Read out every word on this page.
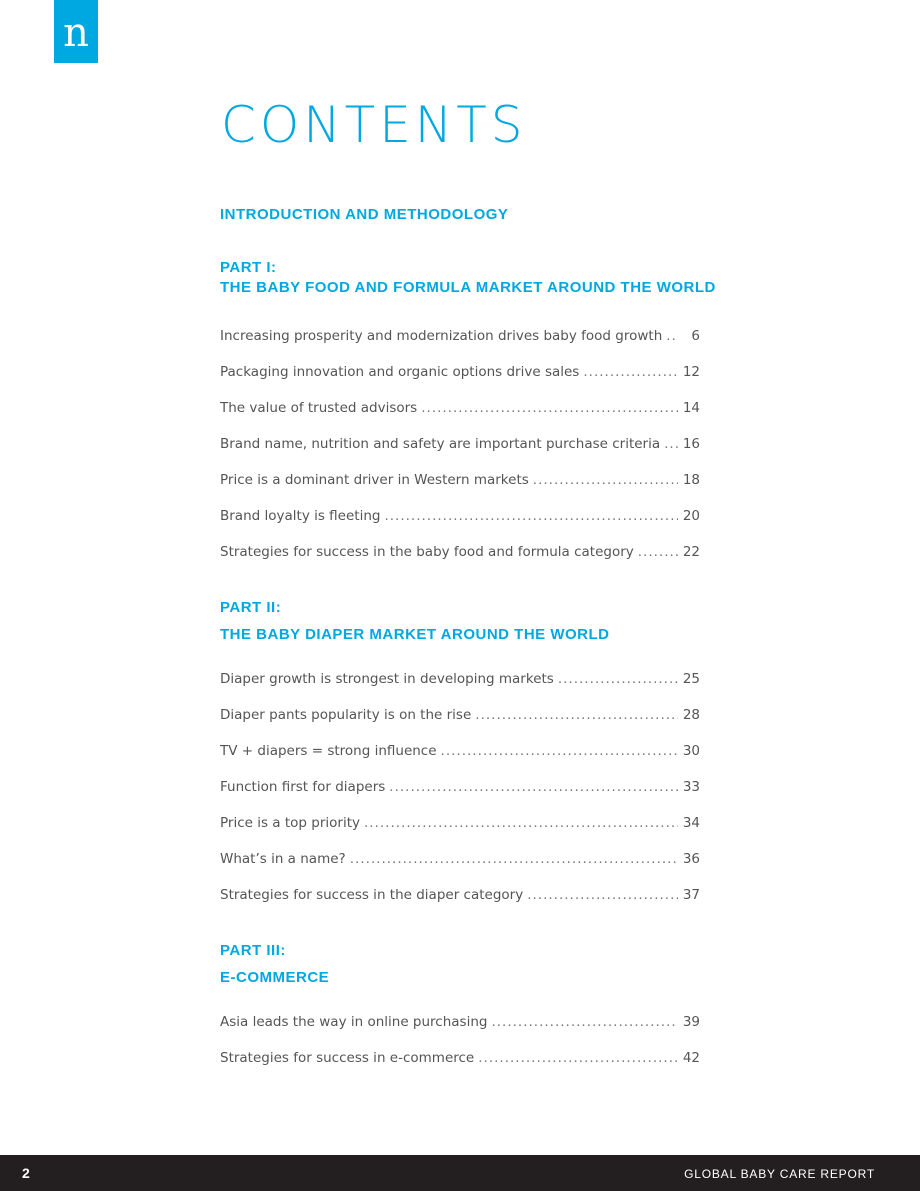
n
CONTENTS
INTRODUCTION AND METHODOLOGY
PART I:
THE BABY FOOD AND FORMULA MARKET AROUND THE WORLD
Increasing prosperity and modernization drives baby food growth .....	6
Packaging innovation and organic options drive sales .....	12
The value of trusted advisors .....	14
Brand name, nutrition and safety are important purchase criteria ..... 16
Price is a dominant driver in Western markets .....	18
Brand loyalty is fleeting .....	20
Strategies for success in the baby food and formula category .....	22
PART II:
THE BABY DIAPER MARKET AROUND THE WORLD
Diaper growth is strongest in developing markets .....	25
Diaper pants popularity is on the rise .....	28
TV + diapers = strong influence .....	30
Function first for diapers .....	33
Price is a top priority .....	34
What’s in a name? .....	36
Strategies for success in the diaper category .....	37
PART III:
E-COMMERCE
Asia leads the way in online purchasing .....	39
Strategies for success in e-commerce .....	42
2	GLOBAL BABY CARE REPORT
